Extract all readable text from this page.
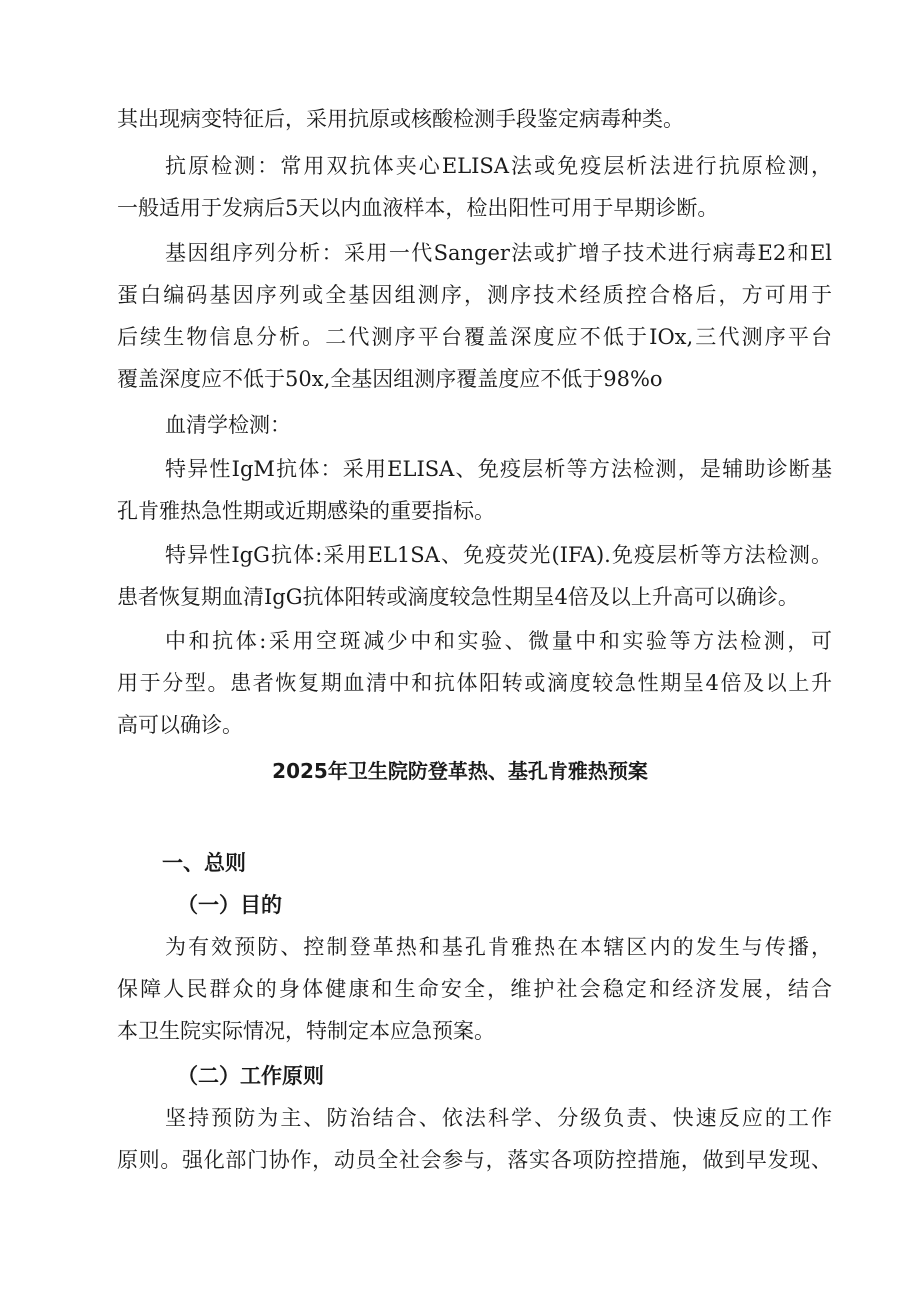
其出现病变特征后，采用抗原或核酸检测手段鉴定病毒种类。
抗原检测：常用双抗体夹心ELISA法或免疫层析法进行抗原检测，
一般适用于发病后5天以内血液样本，检出阳性可用于早期诊断。
基因组序列分析：采用一代Sanger法或扩增子技术进行病毒E2和El
蛋白编码基因序列或全基因组测序，测序技术经质控合格后，方可用于
后续生物信息分析。二代测序平台覆盖深度应不低于IOx,三代测序平台
覆盖深度应不低于50x,全基因组测序覆盖度应不低于98%o
血清学检测：
特异性IgM抗体：采用ELISA、免疫层析等方法检测，是辅助诊断基
孔肯雅热急性期或近期感染的重要指标。
特异性IgG抗体:采用EL1SA、免疫荧光(IFA).免疫层析等方法检测。
患者恢复期血清IgG抗体阳转或滴度较急性期呈4倍及以上升高可以确诊。
中和抗体:采用空斑减少中和实验、微量中和实验等方法检测，可
用于分型。患者恢复期血清中和抗体阳转或滴度较急性期呈4倍及以上升
高可以确诊。
2025年卫生院防登革热、基孔肯雅热预案
一、总则
（一）目的
为有效预防、控制登革热和基孔肯雅热在本辖区内的发生与传播，
保障人民群众的身体健康和生命安全，维护社会稳定和经济发展，结合
本卫生院实际情况，特制定本应急预案。
（二）工作原则
坚持预防为主、防治结合、依法科学、分级负责、快速反应的工作
原则。强化部门协作，动员全社会参与，落实各项防控措施，做到早发现、
